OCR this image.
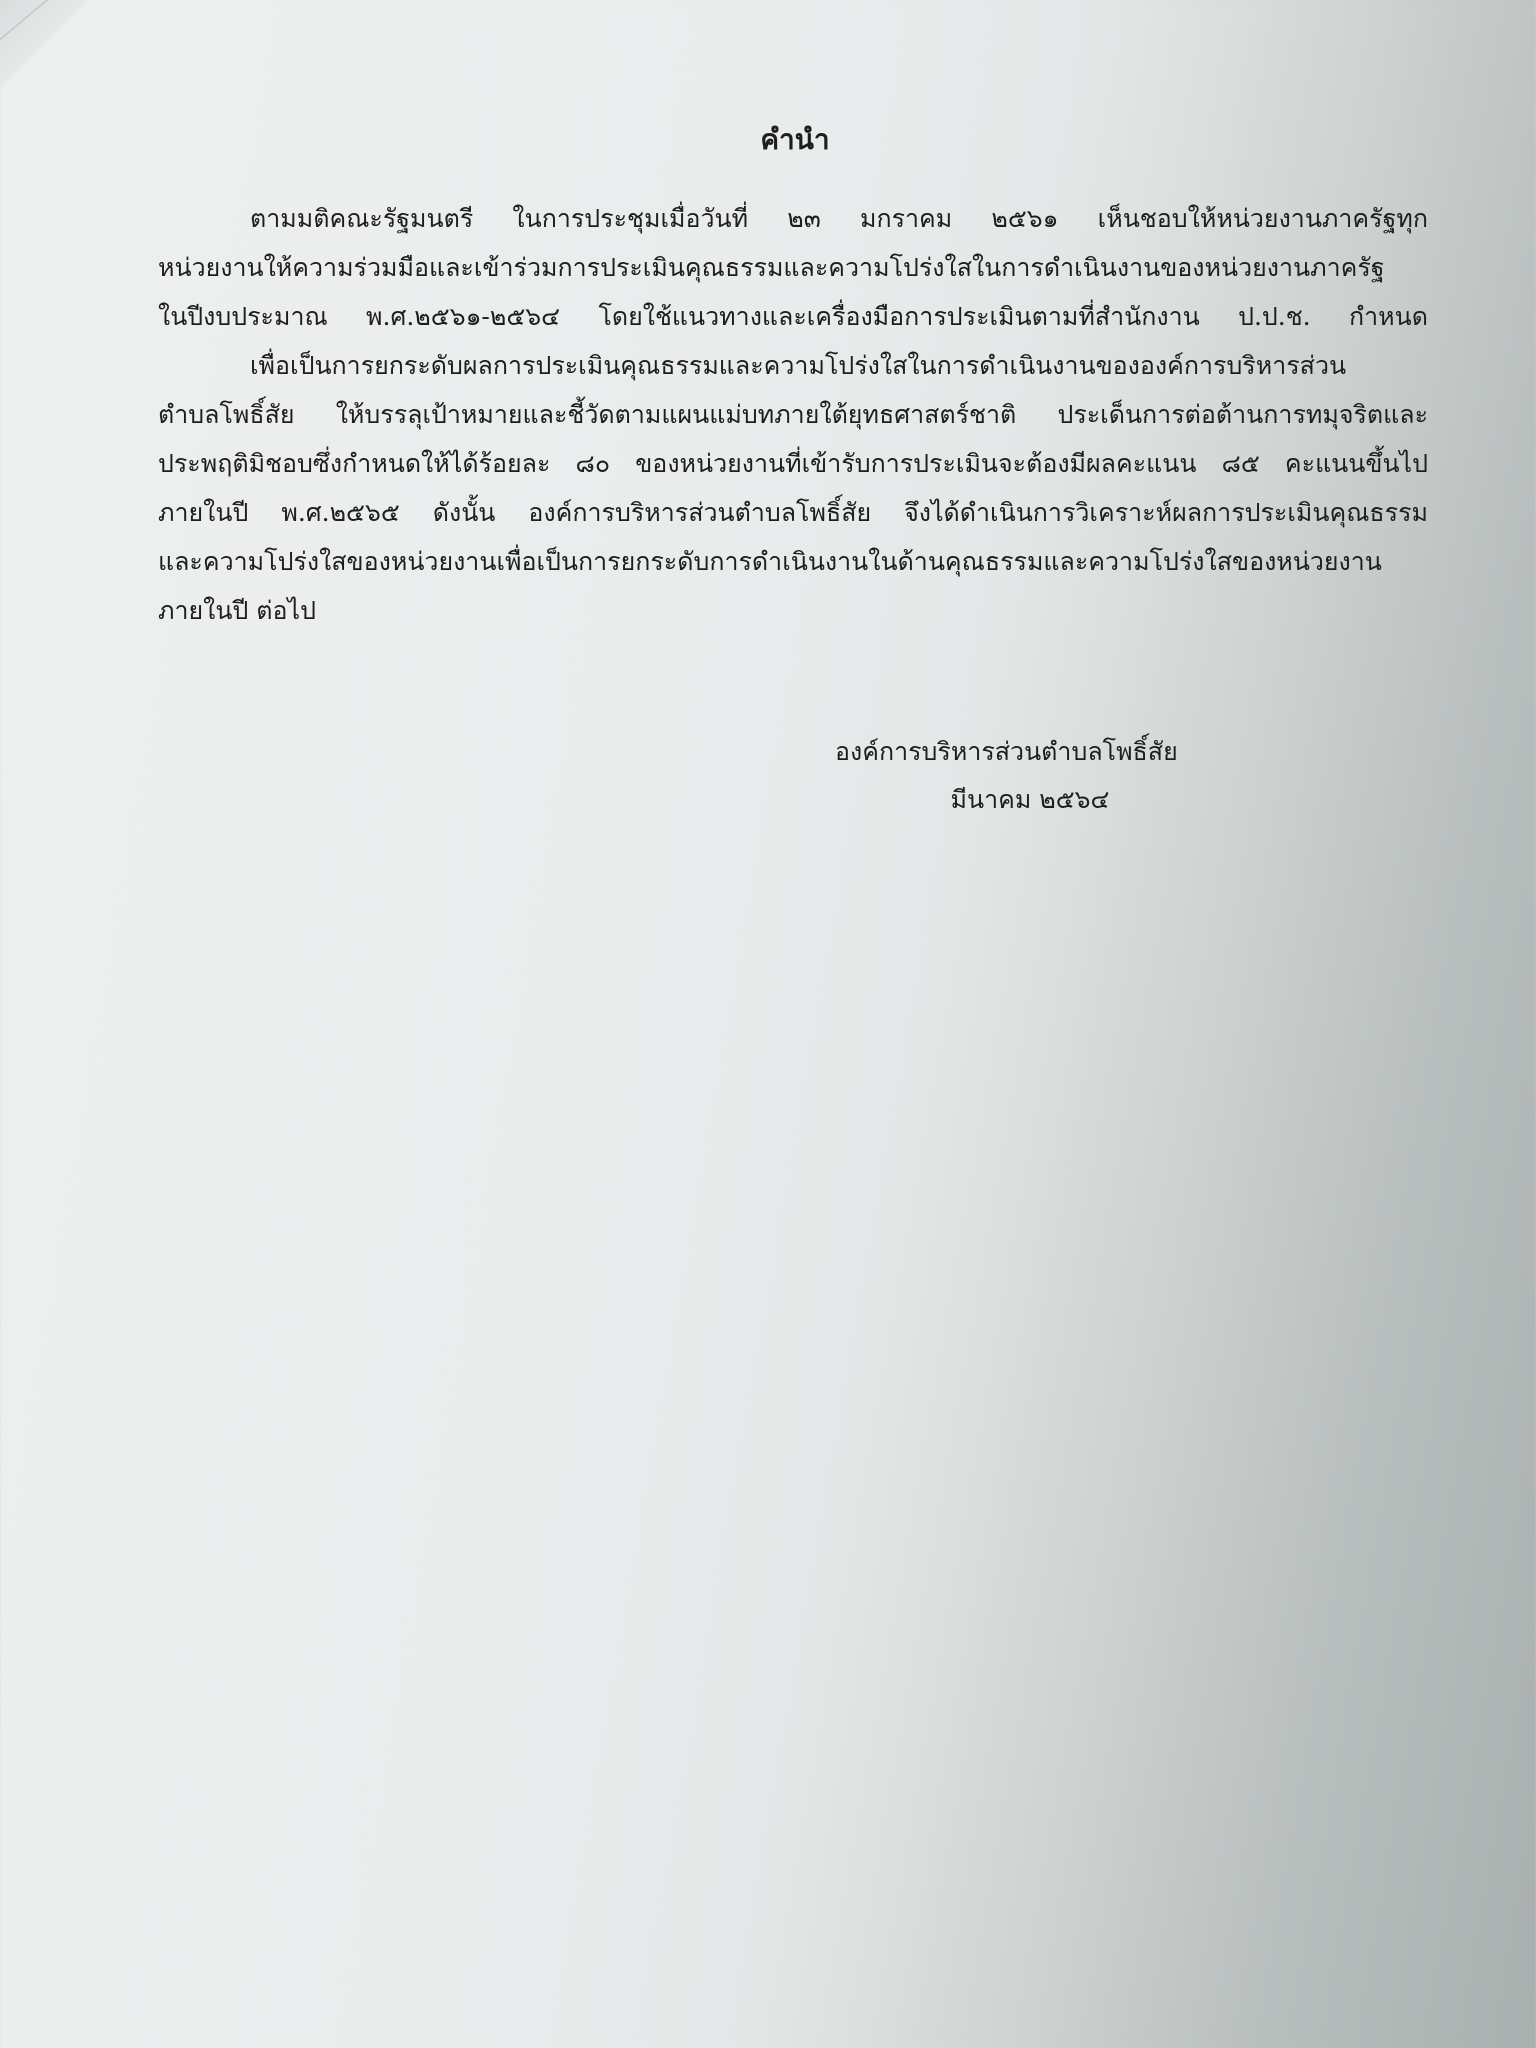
คำนำ
ตามมติคณะรัฐมนตรี ในการประชุมเมื่อวันที่ ๒๓ มกราคม ๒๕๖๑ เห็นชอบให้หน่วยงานภาครัฐทุก
หน่วยงานให้ความร่วมมือและเข้าร่วมการประเมินคุณธรรมและความโปร่งใสในการดำเนินงานของหน่วยงานภาครัฐ
ในปีงบประมาณ พ.ศ.๒๕๖๑-๒๕๖๔ โดยใช้แนวทางและเครื่องมือการประเมินตามที่สำนักงาน ป.ป.ช. กำหนด
เพื่อเป็นการยกระดับผลการประเมินคุณธรรมและความโปร่งใสในการดำเนินงานขององค์การบริหารส่วน
ตำบลโพธิ์สัย ให้บรรลุเป้าหมายและชี้วัดตามแผนแม่บทภายใต้ยุทธศาสตร์ชาติ ประเด็นการต่อต้านการทมุจริตและ
ประพฤติมิชอบซึ่งกำหนดให้ได้ร้อยละ ๘๐ ของหน่วยงานที่เข้ารับการประเมินจะต้องมีผลคะแนน ๘๕ คะแนนขึ้นไป
ภายในปี พ.ศ.๒๕๖๕ ดังนั้น องค์การบริหารส่วนตำบลโพธิ์สัย จึงได้ดำเนินการวิเคราะห์ผลการประเมินคุณธรรม
และความโปร่งใสของหน่วยงานเพื่อเป็นการยกระดับการดำเนินงานในด้านคุณธรรมและความโปร่งใสของหน่วยงาน
ภายในปี ต่อไป
องค์การบริหารส่วนตำบลโพธิ์สัย
มีนาคม ๒๕๖๔
